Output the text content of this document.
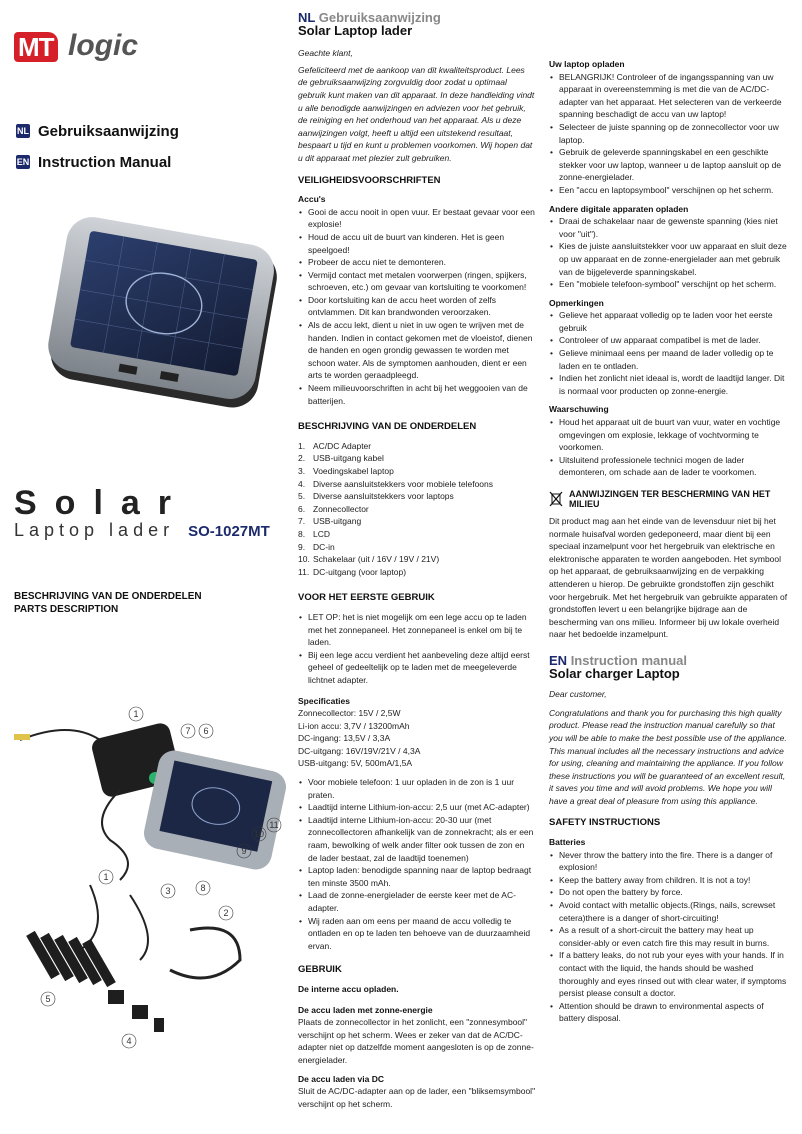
MT logic
NL Gebruiksaanwijzing
EN Instruction Manual
Solar
Laptop lader SO-1027MT
BESCHRIJVING VAN DE ONDERDELEN
PARTS DESCRIPTION
1
7 6
11
10
9
1
3	8
2
5
4
NL Gebruiksaanwijzing
Solar Laptop lader

Geachte klant,

Gefeliciteerd met de aankoop van dit kwaliteitsproduct. Lees de gebruiksaanwijzing zorgvuldig door zodat u optimaal gebruik kunt maken van dit apparaat. In deze handleiding vindt u alle benodigde aanwijzingen en adviezen voor het gebruik, de reiniging en het onderhoud van het apparaat. Als u deze aanwijzingen volgt, heeft u altijd een uitstekend resultaat, bespaart u tijd en kunt u problemen voorkomen. Wij hopen dat u dit apparaat met plezier zult gebruiken.

VEILIGHEIDSVOORSCHRIFTEN
Accu's
• Gooi de accu nooit in open vuur. Er bestaat gevaar voor een explosie!
• Houd de accu uit de buurt van kinderen. Het is geen speelgoed!
• Probeer de accu niet te demonteren.
• Vermijd contact met metalen voorwerpen (ringen, spijkers, schroeven, etc.) om gevaar van kortsluiting te voorkomen!
• Door kortsluiting kan de accu heet worden of zelfs ontvlammen. Dit kan brandwonden veroorzaken.
• Als de accu lekt, dient u niet in uw ogen te wrijven met de handen. Indien in contact gekomen met de vloeistof, dienen de handen en ogen grondig gewassen te worden met schoon water. Als de symptomen aanhouden, dient er een arts te worden geraadpleegd.
• Neem milieuvoorschriften in acht bij het weggooien van de batterijen.
BESCHRIJVING VAN DE ONDERDELEN
1. AC/DC Adapter
2. USB-uitgang kabel
3. Voedingskabel laptop
4. Diverse aansluitstekkers voor mobiele telefoons
5. Diverse aansluitstekkers voor laptops
6. Zonnecollector
7. USB-uitgang
8. LCD
9. DC-in
10. Schakelaar (uit / 16V / 19V / 21V)
11. DC-uitgang (voor laptop)
VOOR HET EERSTE GEBRUIK
• LET OP: het is niet mogelijk om een lege accu op te laden met het zonnepaneel. Het zonnepaneel is enkel om bij te laden.
• Bij een lege accu verdient het aanbeveling deze altijd eerst geheel of gedeeltelijk op te laden met de meegeleverde lichtnet adapter.
Specificaties
Zonnecollector: 15V / 2,5W
Li-ion accu: 3,7V / 13200mAh
DC-ingang: 13,5V / 3,3A
DC-uitgang: 16V/19V/21V / 4,3A
USB-uitgang: 5V, 500mA/1,5A
• Voor mobiele telefoon: 1 uur opladen in de zon is 1 uur praten.
• Laadtijd interne Lithium-ion-accu: 2,5 uur (met AC-adapter)
• Laadtijd interne Lithium-ion-accu: 20-30 uur (met zonnecollectoren afhankelijk van de zonnekracht; als er een raam, bewolking of welk ander filter ook tussen de zon en de lader bestaat, zal de laadtijd toenemen)
• Laptop laden: benodigde spanning naar de laptop bedraagt ten minste 3500 mAh.
• Laad de zonne-energielader de eerste keer met de AC-adapter.
• Wij raden aan om eens per maand de accu volledig te ontladen en op te laden ten behoeve van de duurzaamheid ervan.
GEBRUIK
De interne accu opladen.
De accu laden met zonne-energie

Plaats de zonnecollector in het zonlicht, een "zonnesymbool" verschijnt op het scherm. Wees er zeker van dat de AC/DC-adapter niet op datzelfde moment aangesloten is op de zonne-energielader.

De accu laden via DC

Sluit de AC/DC-adapter aan op de lader, een "bliksemsymbool" verschijnt op het scherm.

Uw laptop opladen
• BELANGRIJK! Controleer of de ingangsspanning van uw apparaat in overeenstemming is met die van de AC/DC-adapter van het apparaat. Het selecteren van de verkeerde spanning beschadigt de accu van uw laptop!
• Selecteer de juiste spanning op de zonnecollector voor uw laptop.
• Gebruik de geleverde spanningskabel en een geschikte stekker voor uw laptop, wanneer u de laptop aansluit op de zonne-energielader.
• Een "accu en laptopsymbool" verschijnen op het scherm.
Andere digitale apparaten opladen
• Draai de schakelaar naar de gewenste spanning (kies niet voor "uit").
• Kies de juiste aansluitstekker voor uw apparaat en sluit deze op uw apparaat en de zonne-energielader aan met gebruik van de bijgeleverde spanningskabel.
• Een "mobiele telefoon-symbool" verschijnt op het scherm.
Opmerkingen
• Gelieve het apparaat volledig op te laden voor het eerste gebruik
• Controleer of uw apparaat compatibel is met de lader.
• Gelieve minimaal eens per maand de lader volledig op te laden en te ontladen.
• Indien het zonlicht niet ideaal is, wordt de laadtijd langer. Dit is normaal voor producten op zonne-energie.
Waarschuwing
• Houd het apparaat uit de buurt van vuur, water en vochtige omgevingen om explosie, lekkage of vochtvorming te voorkomen.
• Uitsluitend professionele technici mogen de lader demonteren, om schade aan de lader te voorkomen.
AANWIJZINGEN TER BESCHERMING VAN HET MILIEU

Dit product mag aan het einde van de levensduur niet bij het normale huisafval worden gedeponeerd, maar dient bij een speciaal inzamelpunt voor het hergebruik van elektrische en elektronische apparaten te worden aangeboden. Het symbool op het apparaat, de gebruiksaanwijzing en de verpakking attenderen u hierop. De gebruikte grondstoffen zijn geschikt voor hergebruik. Met het hergebruik van gebruikte apparaten of grondstoffen levert u een belangrijke bijdrage aan de bescherming van ons milieu. Informeer bij uw lokale overheid naar het bedoelde inzamelpunt.

EN Instruction manual
Solar charger Laptop

Dear customer,

Congratulations and thank you for purchasing this high quality product. Please read the instruction manual carefully so that you will be able to make the best possible use of the appliance. This manual includes all the necessary instructions and advice for using, cleaning and maintaining the appliance. If you follow these instructions you will be guaranteed of an excellent result, it saves you time and will avoid problems. We hope you will have a great deal of pleasure from using this appliance.

SAFETY INSTRUCTIONS
Batteries
• Never throw the battery into the fire. There is a danger of explosion!
• Keep the battery away from children. It is not a toy!
• Do not open the battery by force.
• Avoid contact with metallic objects.(Rings, nails, screwset cetera)there is a danger of short-circuiting!
• As a result of a short-circuit the battery may heat up consider-ably or even catch fire this may result in burns.
• If a battery leaks, do not rub your eyes with your hands. If in contact with the liquid, the hands should be washed thoroughly and eyes rinsed out with clear water, if symptoms persist please consult a doctor.
• Attention should be drawn to environmental aspects of battery disposal.
